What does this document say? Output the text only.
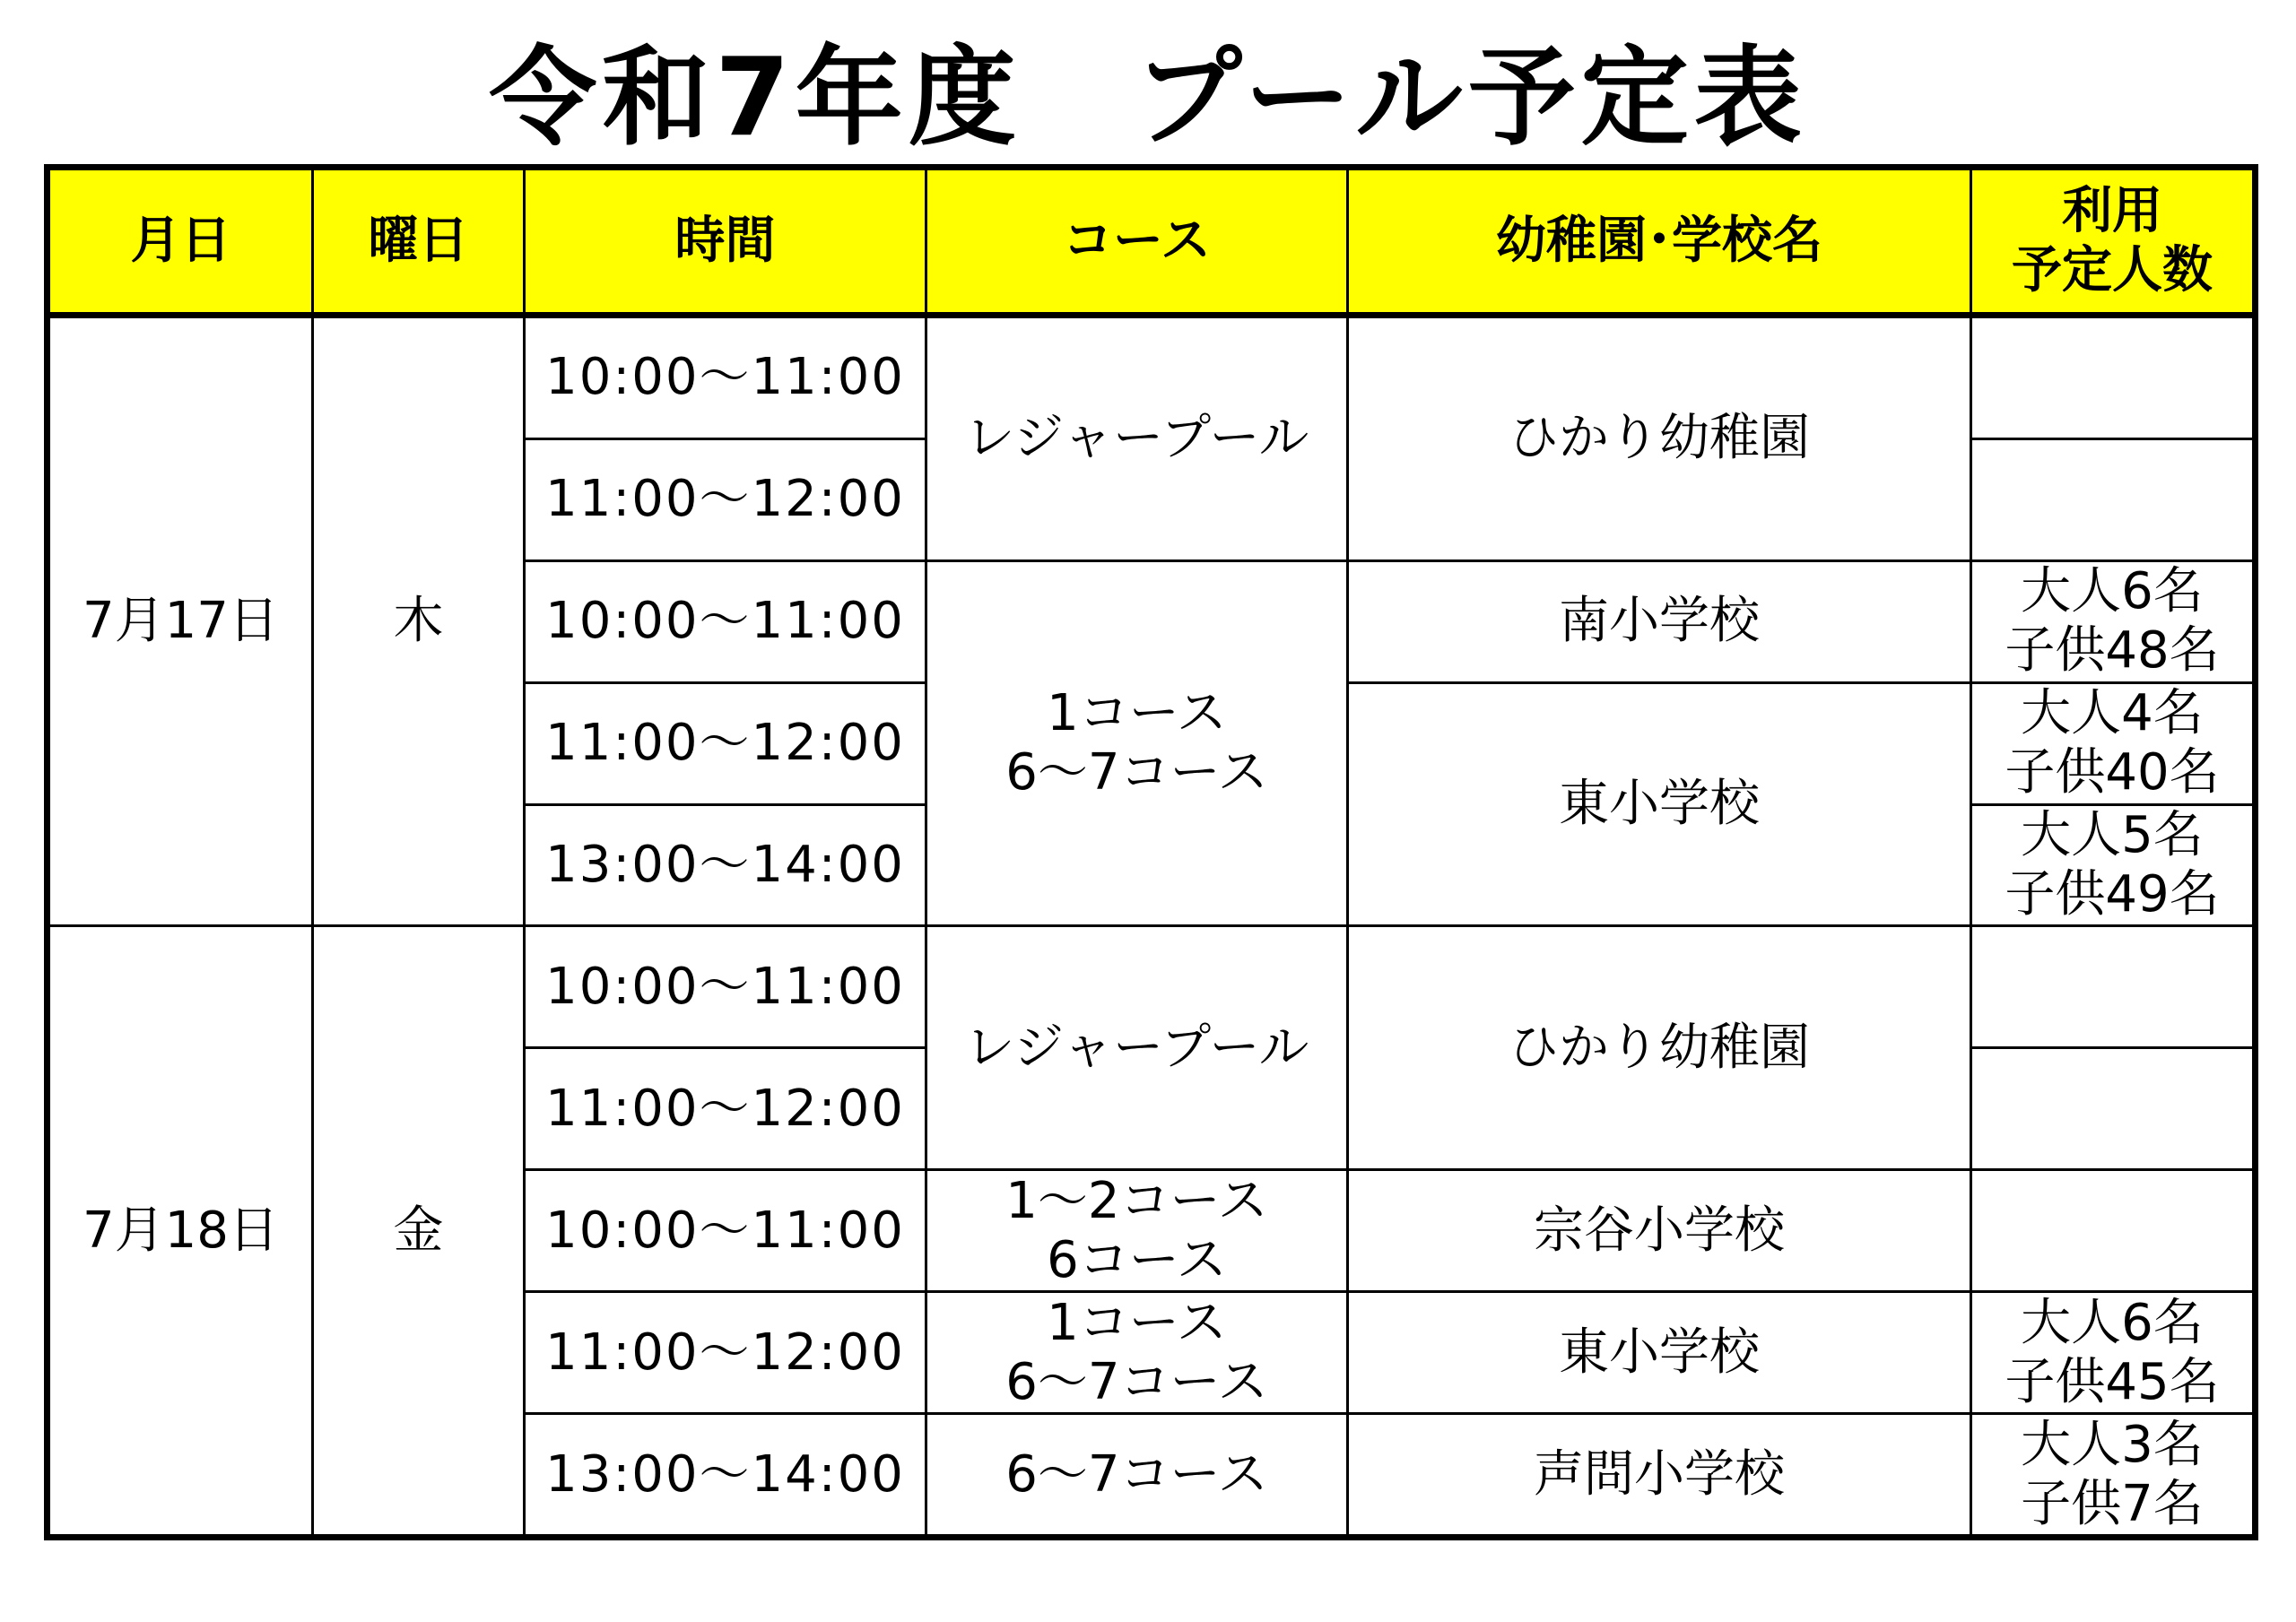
令和7年度　プール予定表
月日	曜日	時間	コース	幼稚園･学校名	利用
予定人数

7月17日	木	10:00～11:00	レジャープール	ひかり幼稚園	

		11:00～12:00			

		10:00～11:00	1コース
6～7コース	南小学校	大人6名
子供48名

		11:00～12:00		東小学校	大人4名
子供40名

		13:00～14:00			大人5名
子供49名

7月18日	金	10:00～11:00	レジャープール	ひかり幼稚園	

		11:00～12:00			

		10:00～11:00	1～2コース
6コース	宗谷小学校	

		11:00～12:00	1コース
6～7コース	東小学校	大人6名
子供45名

		13:00～14:00	6～7コース	声問小学校	大人3名
子供7名
